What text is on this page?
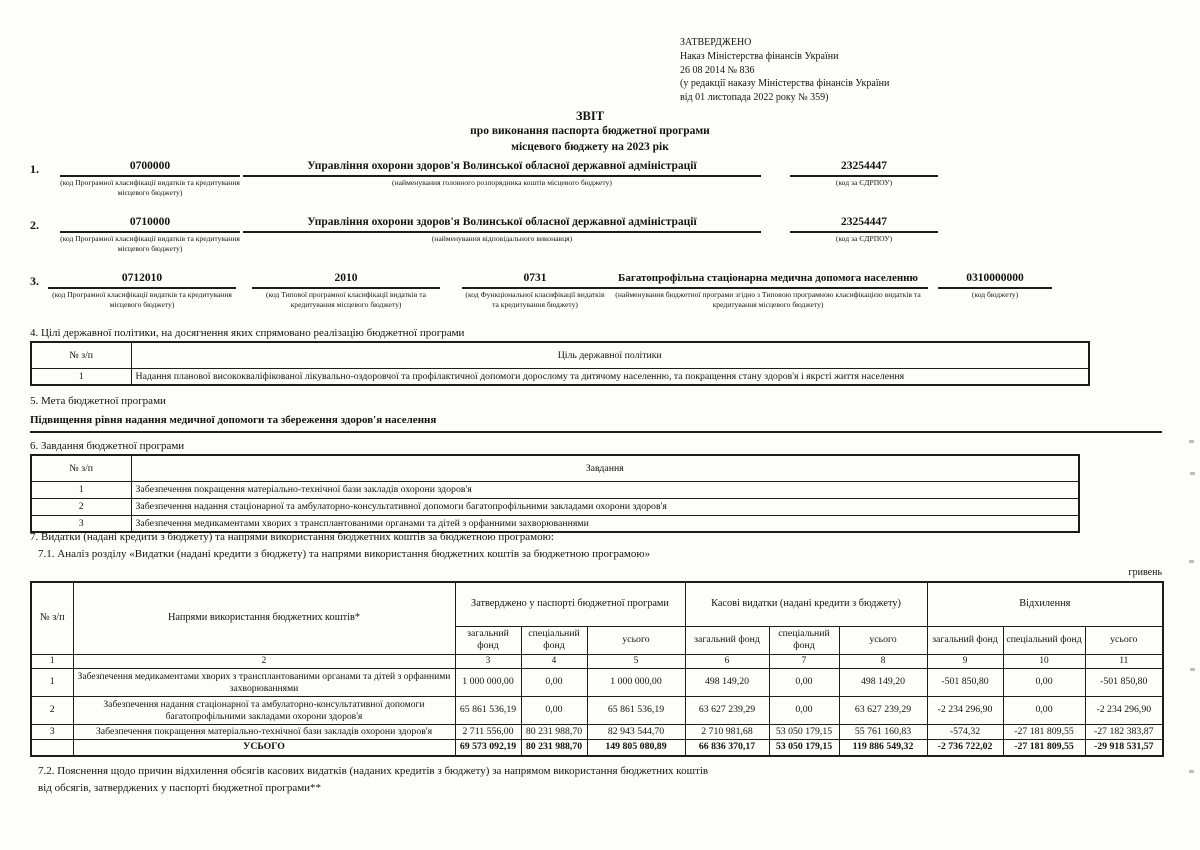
ЗАТВЕРДЖЕНО
Наказ Міністерства фінансів України
26 08 2014 № 836
(у редакції наказу Міністерства фінансів України
від 01 листопада 2022 року № 359)
ЗВІТ
про виконання паспорта бюджетної програми
місцевого бюджету на 2023 рік
1.	0700000
(код Програмної класифікації видатків та кредитування місцевого бюджету)
Управління охорони здоров'я Волинської обласної державної адміністрації
(найменування головного розпорядника коштів місцевого бюджету)
23254447
(код за ЄДРПОУ)
2.	0710000
(код Програмної класифікації видатків та кредитування місцевого бюджету)
Управління охорони здоров'я Волинської обласної державної адміністрації
(найменування відповідального виконавця)
23254447
(код за ЄДРПОУ)
3.	0712010
(код Програмної класифікації видатків та кредитування місцевого бюджету)
2010
(код Типової програмної класифікації видатків та кредитування місцевого бюджету)
0731
(код Функціональної класифікації видатків та кредитування бюджету)
Багатопрофільна стаціонарна медична допомога населенню
(найменування бюджетної програми згідно з Типовою програмною класифікацією видатків та кредитування місцевого бюджету)
0310000000
(код бюджету)
4. Цілі державної політики, на досягнення яких спрямовано реалізацію бюджетної програми
№ з/п	Ціль державної політики
1	Надання планової висококваліфікованої лікувально-оздоровчої та профілактичної допомоги дорослому та дитячому населенню, та покращення стану здоров'я і якрсті життя населення
5. Мета бюджетної програми
Підвищення рівня надання медичної допомоги та збереження здоров'я населення
6. Завдання бюджетної програми
№ з/п	Завдання
1	Забезпечення покращення матеріально-технічної бази закладів охорони здоров'я
2	Забезпечення надання стаціонарної та амбулаторно-консультативної допомоги багатопрофільними закладами охорони здоров'я
3	Забезпечення медикаментами хворих з трансплантованими органами та дітей з орфанними захворюваннями
7. Видатки (надані кредити з бюджету) та напрями використання бюджетних коштів за бюджетною програмою:
7.1. Аналіз розділу «Видатки (надані кредити з бюджету) та напрями використання бюджетних коштів за бюджетною програмою»
гривень
№ з/п	Напрями використання бюджетних коштів*	Затверджено у паспорті бюджетної програми			Касові видатки (надані кредити з бюджету)			Відхилення		
		загальний фонд	спеціальний фонд	усього	загальний фонд	спеціальний фонд	усього	загальний фонд	спеціальний фонд	усього
1	2	3	4	5	6	7	8	9	10	11
1	Забезпечення медикаментами хворих з трансплантованими органами та дітей з орфанними захворюваннями	1 000 000,00	0,00	1 000 000,00	498 149,20	0,00	498 149,20	-501 850,80	0,00	-501 850,80
2	Забезпечення надання стаціонарної та амбулаторно-консультативної допомоги багатопрофільними закладами охорони здоров'я	65 861 536,19	0,00	65 861 536,19	63 627 239,29	0,00	63 627 239,29	-2 234 296,90	0,00	-2 234 296,90
3	Забезпечення покращення матеріально-технічної бази закладів охорони здоров'я	2 711 556,00	80 231 988,70	82 943 544,70	2 710 981,68	53 050 179,15	55 761 160,83	-574,32	-27 181 809,55	-27 182 383,87
	УСЬОГО	69 573 092,19	80 231 988,70	149 805 080,89	66 836 370,17	53 050 179,15	119 886 549,32	-2 736 722,02	-27 181 809,55	-29 918 531,57
7.2. Пояснення щодо причин відхилення обсягів касових видатків (наданих кредитів з бюджету) за напрямом використання бюджетних коштів
від обсягів, затверджених у паспорті бюджетної програми**
